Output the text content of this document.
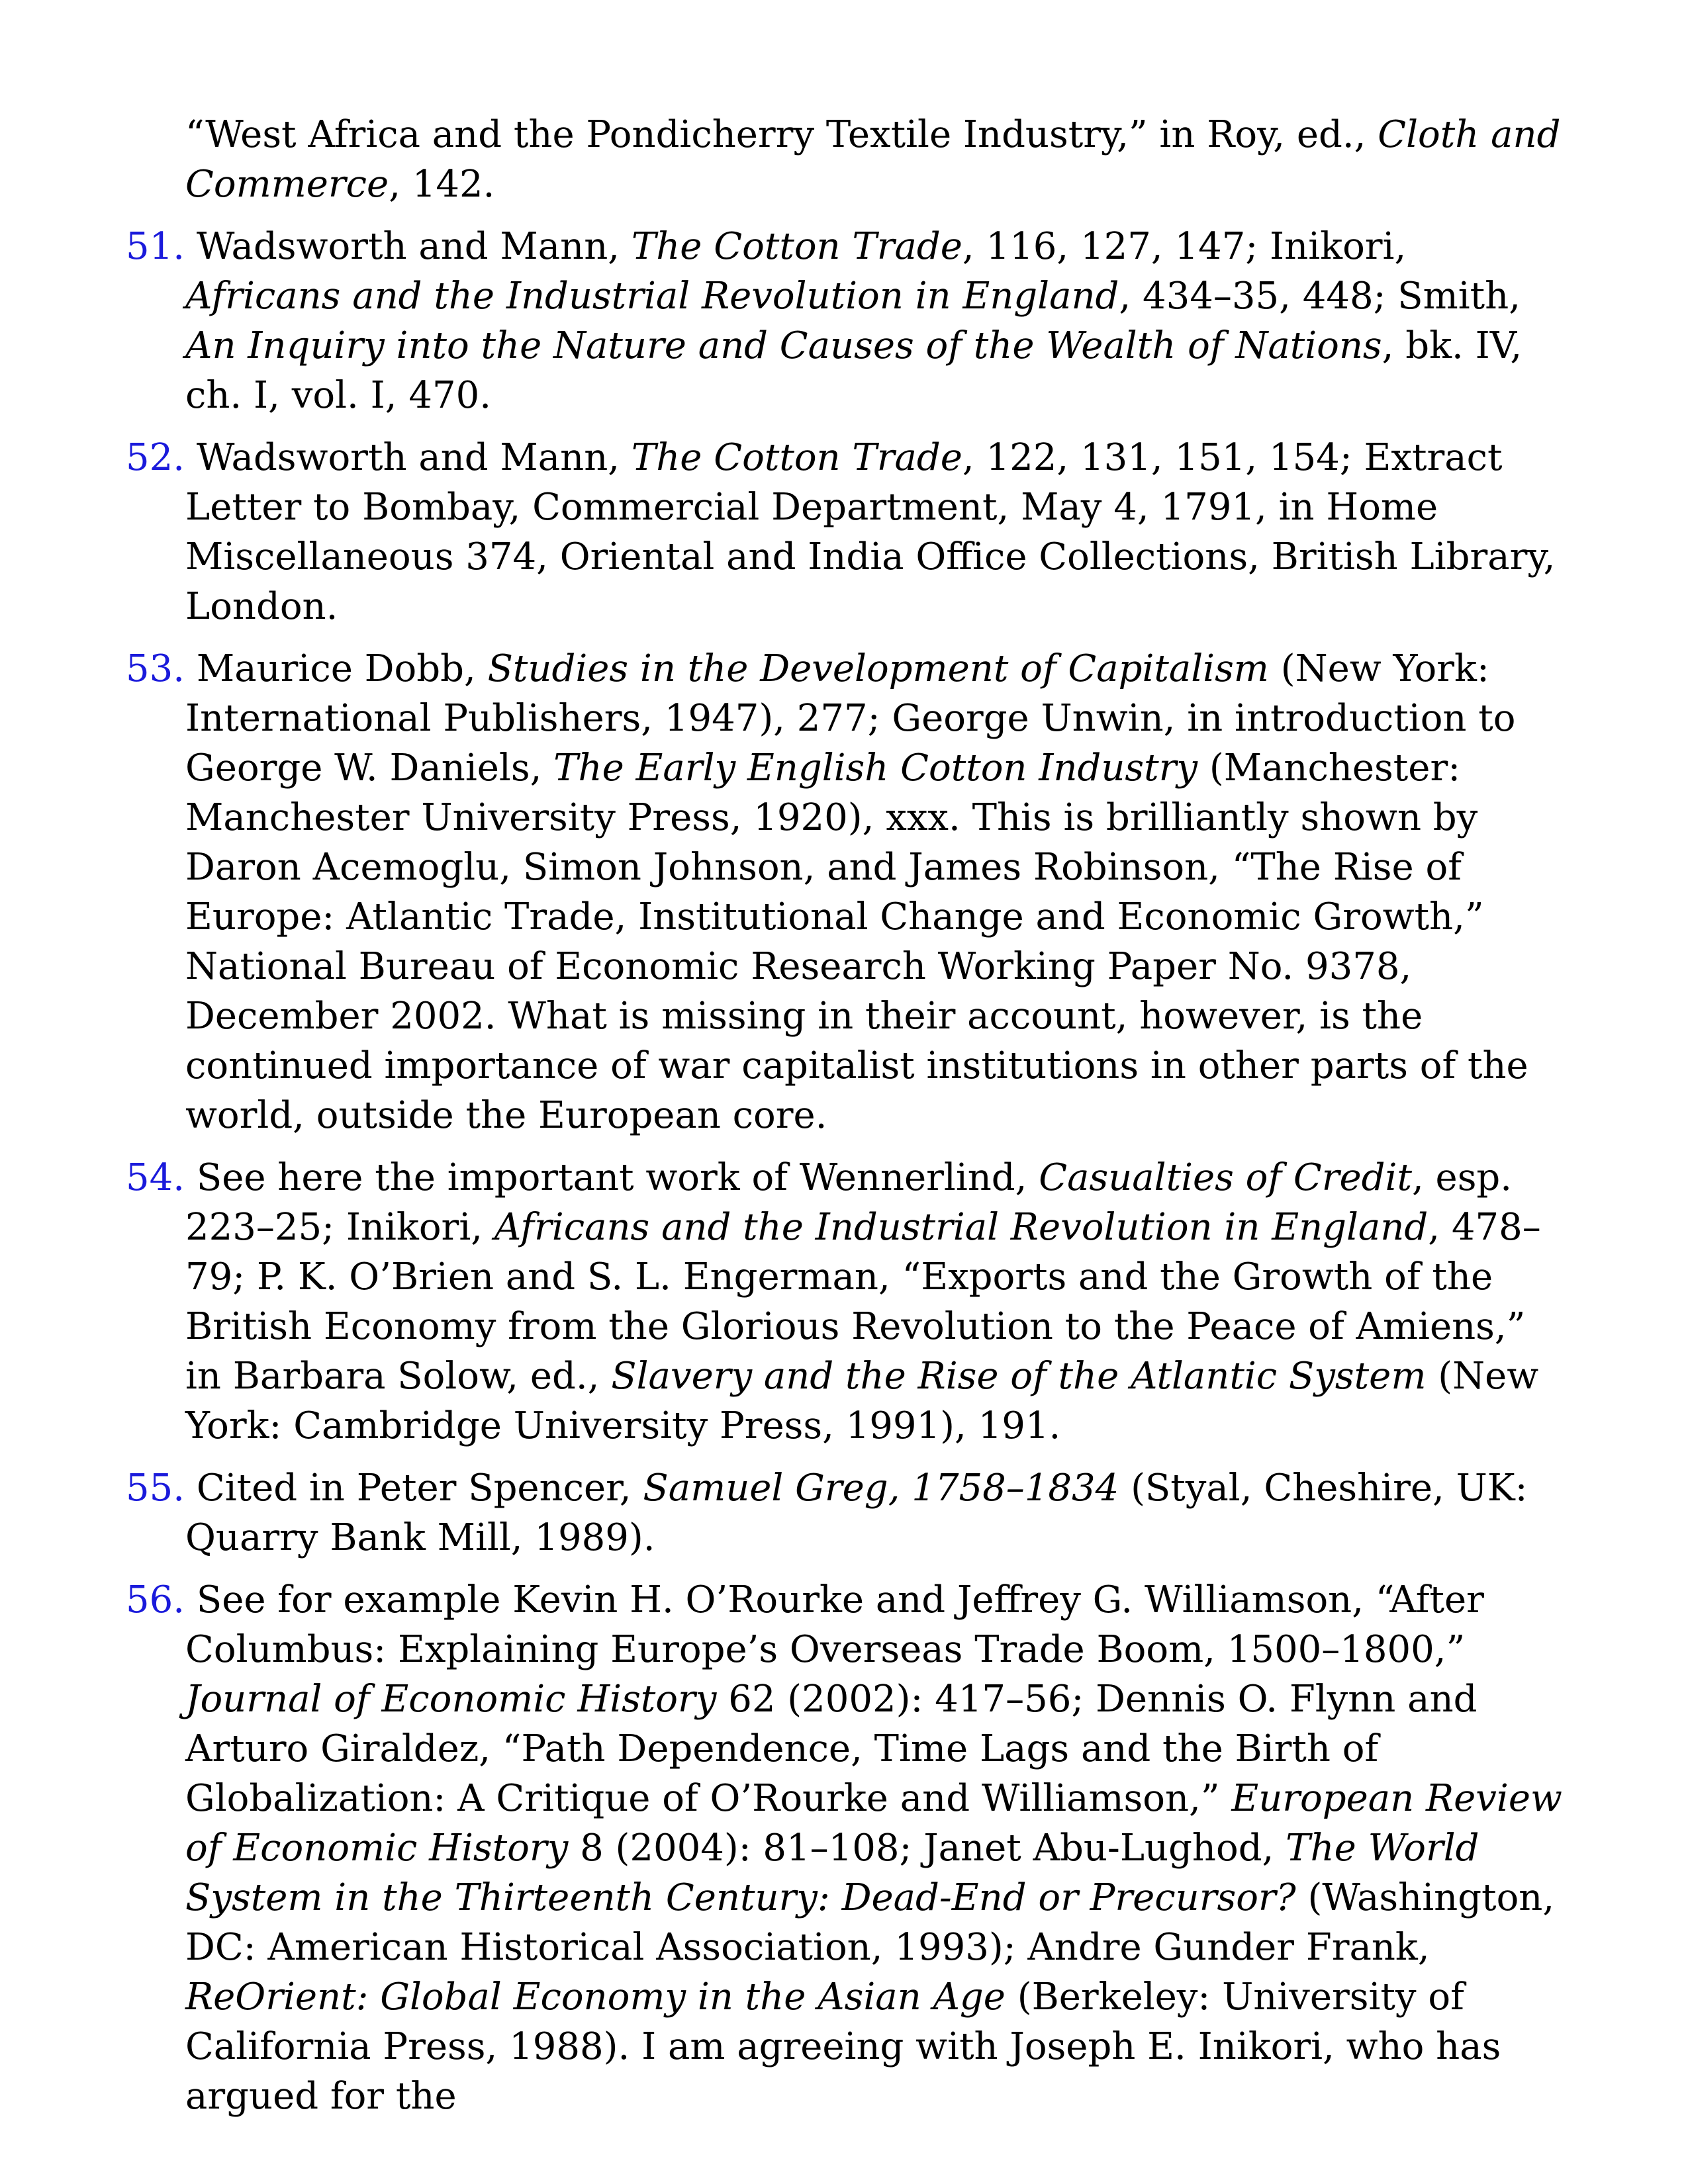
“West Africa and the Pondicherry Textile Industry,” in Roy, ed., Cloth and Commerce, 142.

51. Wadsworth and Mann, The Cotton Trade, 116, 127, 147; Inikori, Africans and the Industrial Revolution in England, 434–35, 448; Smith, An Inquiry into the Nature and Causes of the Wealth of Nations, bk. IV, ch. I, vol. I, 470.

52. Wadsworth and Mann, The Cotton Trade, 122, 131, 151, 154; Extract Letter to Bombay, Commercial Department, May 4, 1791, in Home Miscellaneous 374, Oriental and India Office Collections, British Library, London.

53. Maurice Dobb, Studies in the Development of Capitalism (New York: International Publishers, 1947), 277; George Unwin, in introduction to George W. Daniels, The Early English Cotton Industry (Manchester: Manchester University Press, 1920), xxx. This is brilliantly shown by Daron Acemoglu, Simon Johnson, and James Robinson, “The Rise of Europe: Atlantic Trade, Institutional Change and Economic Growth,” National Bureau of Economic Research Working Paper No. 9378, December 2002. What is missing in their account, however, is the continued importance of war capitalist institutions in other parts of the world, outside the European core.

54. See here the important work of Wennerlind, Casualties of Credit, esp. 223–25; Inikori, Africans and the Industrial Revolution in England, 478–79; P. K. O’Brien and S. L. Engerman, “Exports and the Growth of the British Economy from the Glorious Revolution to the Peace of Amiens,” in Barbara Solow, ed., Slavery and the Rise of the Atlantic System (New York: Cambridge University Press, 1991), 191.

55. Cited in Peter Spencer, Samuel Greg, 1758–1834 (Styal, Cheshire, UK: Quarry Bank Mill, 1989).

56. See for example Kevin H. O’Rourke and Jeffrey G. Williamson, “After Columbus: Explaining Europe’s Overseas Trade Boom, 1500–1800,” Journal of Economic History 62 (2002): 417–56; Dennis O. Flynn and Arturo Giraldez, “Path Dependence, Time Lags and the Birth of Globalization: A Critique of O’Rourke and Williamson,” European Review of Economic History 8 (2004): 81–108; Janet Abu-Lughod, The World System in the Thirteenth Century: Dead-End or Precursor? (Washington, DC: American Historical Association, 1993); Andre Gunder Frank, ReOrient: Global Economy in the Asian Age (Berkeley: University of California Press, 1988). I am agreeing with Joseph E. Inikori, who has argued for the
